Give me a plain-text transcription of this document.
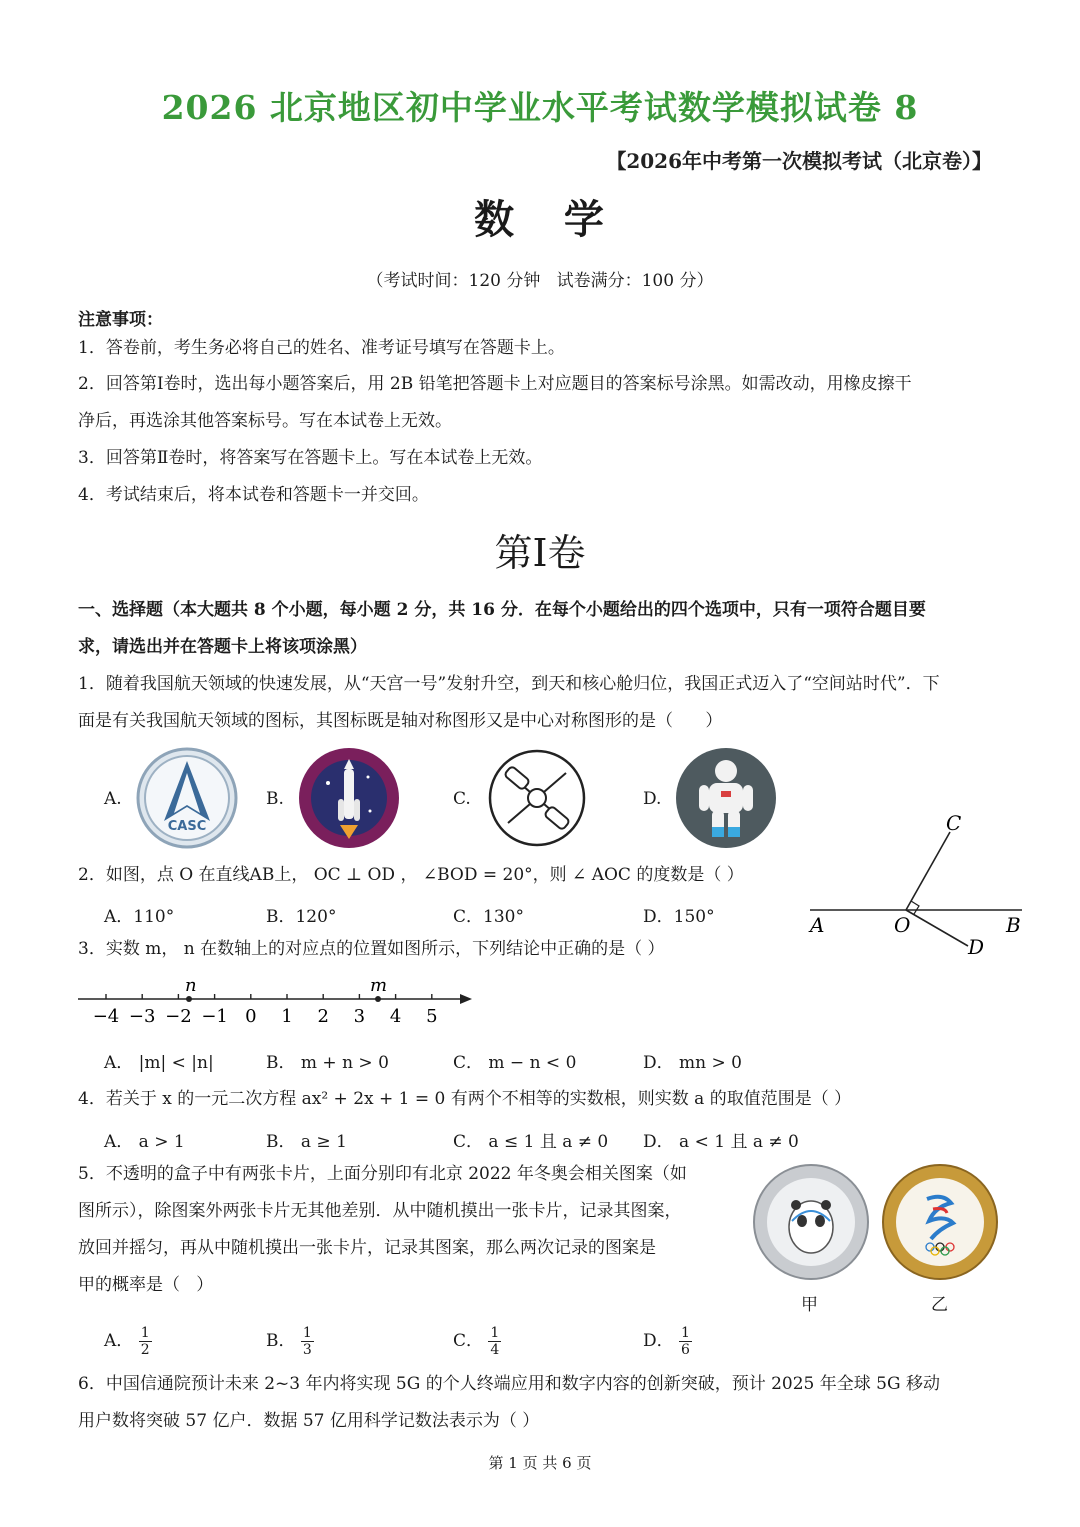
2026 北京地区初中学业水平考试数学模拟试卷 8
【2026年中考第一次模拟考试（北京卷）】
数   学
（考试时间：120 分钟   试卷满分：100 分）
注意事项：
1．答卷前，考生务必将自己的姓名、准考证号填写在答题卡上。
2．回答第Ⅰ卷时，选出每小题答案后，用 2B 铅笔把答题卡上对应题目的答案标号涂黑。如需改动，用橡皮擦干
净后，再选涂其他答案标号。写在本试卷上无效。
3．回答第Ⅱ卷时，将答案写在答题卡上。写在本试卷上无效。
4．考试结束后，将本试卷和答题卡一并交回。
第Ⅰ卷
一、选择题（本大题共 8 个小题，每小题 2 分，共 16 分．在每个小题给出的四个选项中，只有一项符合题目要
求，请选出并在答题卡上将该项涂黑）
1．随着我国航天领域的快速发展，从“天宫一号”发射升空，到天和核心舱归位，我国正式迈入了“空间站时代”．下
面是有关我国航天领域的图标，其图标既是轴对称图形又是中心对称图形的是（      ）
A.
CASC
B.	C.	D.
2．如图，点 O 在直线AB上， OC ⊥ OD ， ∠BOD = 20°，则 ∠ AOC 的度数是（ ）
A．110°	B．120°	C．130°	D．150°
C
A	O	B
D
3．实数 m， n 在数轴上的对应点的位置如图所示，下列结论中正确的是（ ）
−4 −3 −2 −1 0 1 2 3 4 5
n	m
A． |m| < |n|	B． m + n > 0	C． m − n < 0	D． mn > 0
4．若关于 x 的一元二次方程 ax² + 2x + 1 = 0 有两个不相等的实数根，则实数 a 的取值范围是（ ）
A． a > 1	B． a ≥ 1	C． a ≤ 1 且 a ≠ 0 D． a < 1 且 a ≠ 0
5．不透明的盒子中有两张卡片，上面分别印有北京 2022 年冬奥会相关图案（如
图所示），除图案外两张卡片无其他差别．从中随机摸出一张卡片，记录其图案，
放回并摇匀，再从中随机摸出一张卡片，记录其图案，那么两次记录的图案是
甲的概率是（   ）
甲	乙
A． $\frac{1}{2}$	B． $\frac{1}{3}$	C． $\frac{1}{4}$	D． $\frac{1}{6}$
6．中国信通院预计未来 2~3 年内将实现 5G 的个人终端应用和数字内容的创新突破，预计 2025 年全球 5G 移动
用户数将突破 57 亿户．数据 57 亿用科学记数法表示为（ ）
第 1 页 共 6 页
